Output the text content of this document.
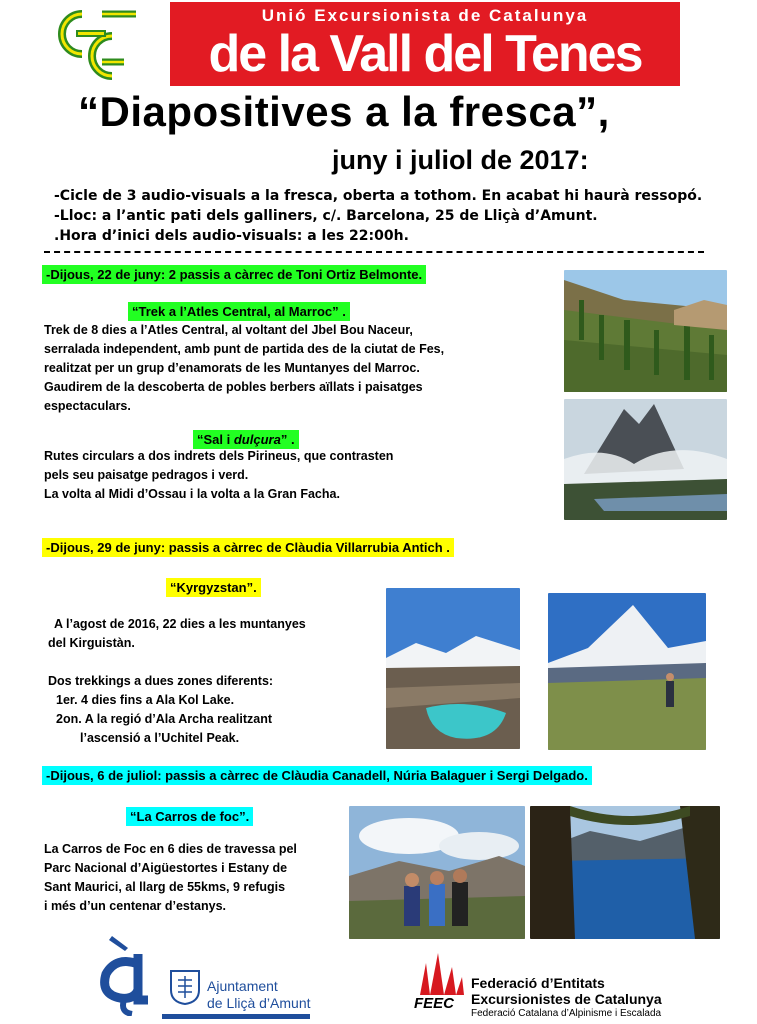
Unió Excursionista de Catalunya
de la Vall del Tenes
“Diapositives a la fresca”,
juny i juliol de 2017:
-Cicle de 3 audio-visuals a la fresca, oberta a tothom. En acabat hi haurà ressopó.
-Lloc: a l’antic pati dels galliners, c/. Barcelona, 25 de Lliçà d’Amunt.
.Hora d’inici dels audio-visuals: a les 22:00h.
-Dijous, 22 de juny: 2 passis a càrrec de Toni Ortiz Belmonte.
“Trek a l’Atles Central, al Marroc” .
Trek de 8 dies a l’Atles Central, al voltant del Jbel Bou Naceur,
serralada independent, amb punt de partida des de la ciutat de Fes,
realitzat per un grup d’enamorats de les Muntanyes del Marroc.
Gaudirem de la descoberta de pobles berbers aïllats i paisatges
espectaculars.
“Sal i dulçura” .
Rutes circulars a dos indrets dels Pirineus, que contrasten
pels seu paisatge pedragos i verd.
La volta al Midi d’Ossau i la volta a la Gran Facha.
-Dijous, 29 de juny: passis a càrrec de Clàudia Villarrubia Antich .
“Kyrgyzstan”.
A l’agost de 2016, 22 dies a les muntanyes
del Kirguistàn.
Dos trekkings a dues zones diferents:
1er. 4 dies fins a Ala Kol Lake.
2on. A la regió d’Ala Archa realitzant
l’ascensió a l’Uchitel Peak.
-Dijous, 6 de juliol: passis a càrrec de Clàudia Canadell, Núria Balaguer i Sergi Delgado.
“La Carros de foc”.
La Carros de Foc en 6 dies de travessa pel
Parc Nacional d’Aigüestortes i Estany de
Sant Maurici, al llarg de 55kms, 9 refugis
i més d’un centenar d’estanys.
Ajuntament
de Lliçà d’Amunt	FEEC
Federació d’Entitats
Excursionistes de Catalunya
Federació Catalana d’Alpinisme i Escalada
